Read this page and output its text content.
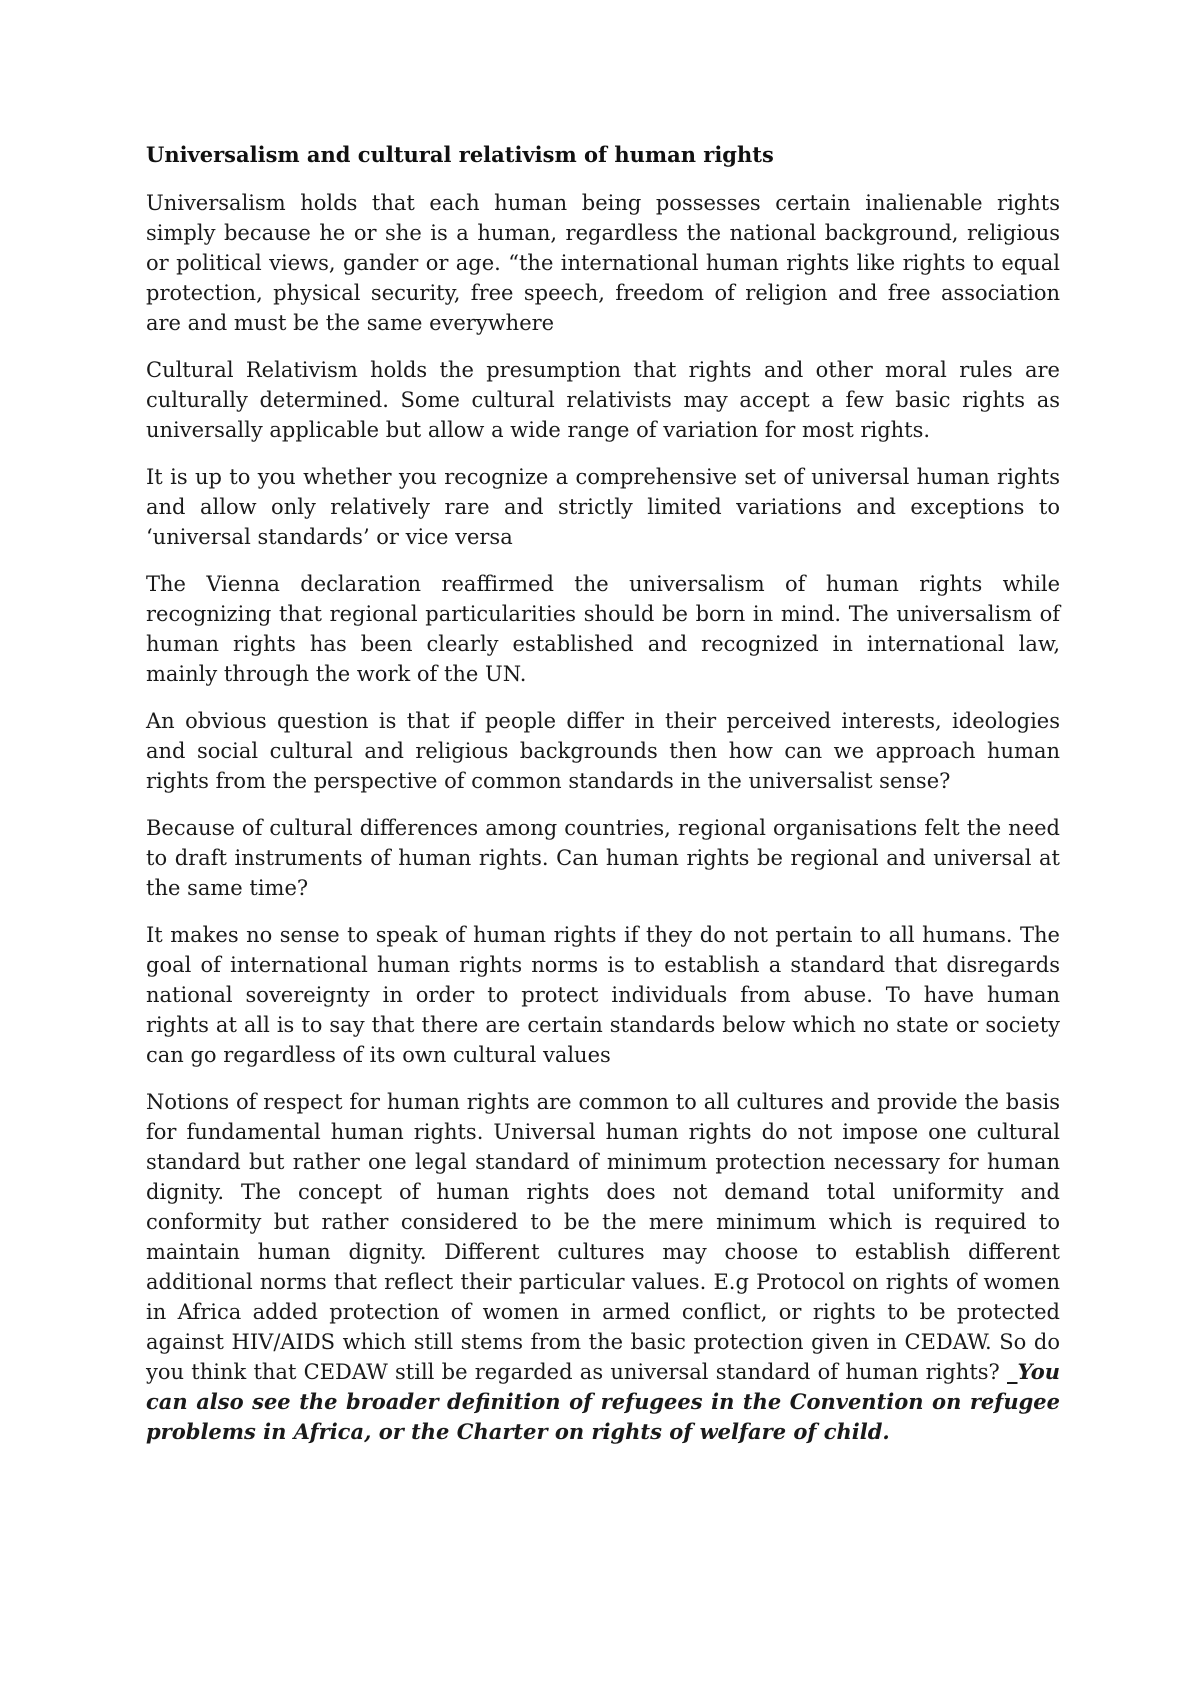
Universalism and cultural relativism of human rights

Universalism holds that each human being possesses certain inalienable rights simply because he or she is a human, regardless the national background, religious or political views, gander or age. “the international human rights like rights to equal protection, physical security, free speech, freedom of religion and free association are and must be the same everywhere

Cultural Relativism holds the presumption that rights and other moral rules are culturally determined. Some cultural relativists may accept a few basic rights as universally applicable but allow a wide range of variation for most rights.

It is up to you whether you recognize a comprehensive set of universal human rights and allow only relatively rare and strictly limited variations and exceptions to ‘universal standards’ or vice versa

The Vienna declaration reaffirmed the universalism of human rights while recognizing that regional particularities should be born in mind. The universalism of human rights has been clearly established and recognized in international law, mainly through the work of the UN.

An obvious question is that if people differ in their perceived interests, ideologies and social cultural and religious backgrounds then how can we approach human rights from the perspective of common standards in the universalist sense?

Because of cultural differences among countries, regional organisations felt the need to draft instruments of human rights. Can human rights be regional and universal at the same time?

It makes no sense to speak of human rights if they do not pertain to all humans. The goal of international human rights norms is to establish a standard that disregards national sovereignty in order to protect individuals from abuse. To have human rights at all is to say that there are certain standards below which no state or society can go regardless of its own cultural values

Notions of respect for human rights are common to all cultures and provide the basis for fundamental human rights. Universal human rights do not impose one cultural standard but rather one legal standard of minimum protection necessary for human dignity. The concept of human rights does not demand total uniformity and conformity but rather considered to be the mere minimum which is required to maintain human dignity. Different cultures may choose to establish different additional norms that reflect their particular values. E.g Protocol on rights of women in Africa added protection of women in armed conflict, or rights to be protected against HIV/AIDS which still stems from the basic protection given in CEDAW. So do you think that CEDAW still be regarded as universal standard of human rights? _You can also see the broader definition of refugees in the Convention on refugee problems in Africa, or the Charter on rights of welfare of child.
